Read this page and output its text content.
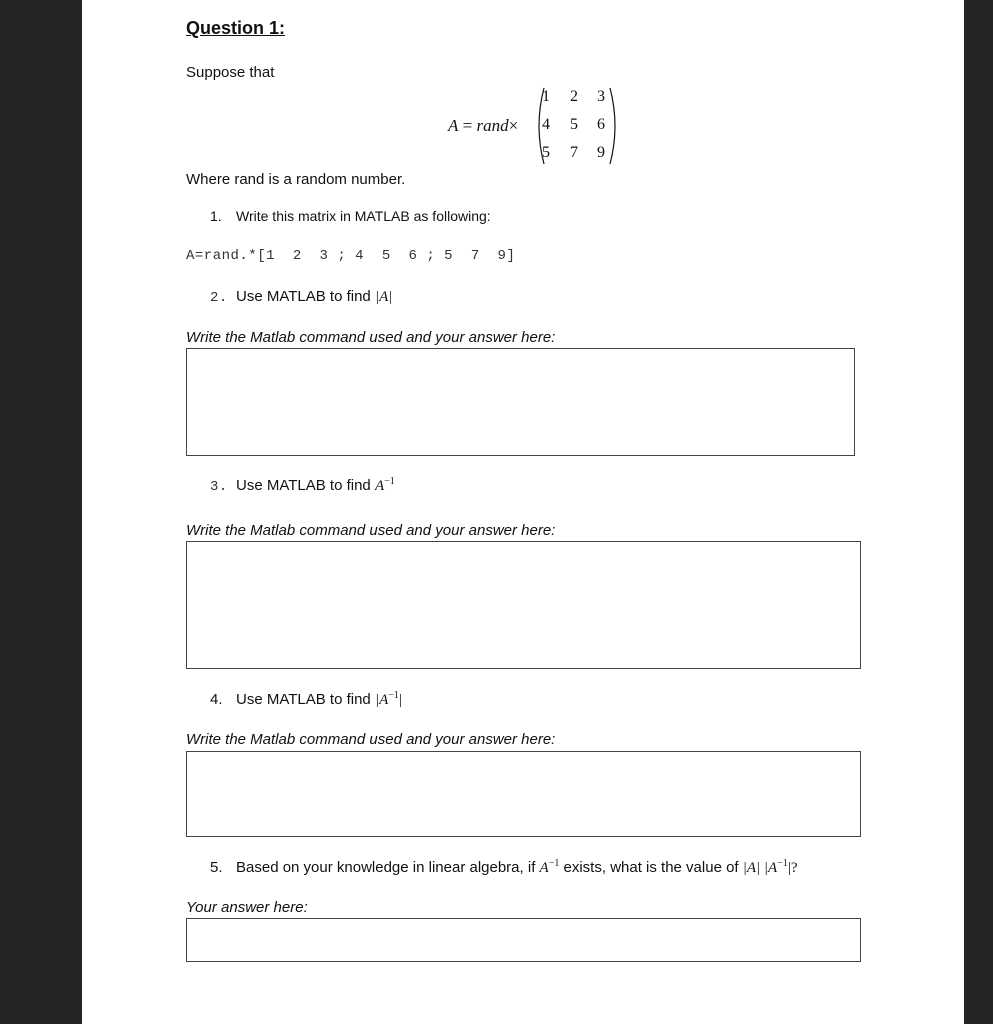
Question 1:
Suppose that
A = rand×
1 2 3
4 5 6
5 7 9
Where rand is a random number.
1. Write this matrix in MATLAB as following:
A=rand.*[1  2  3 ; 4  5  6 ; 5  7  9]
2. Use MATLAB to find |A|
Write the Matlab command used and your answer here:
3. Use MATLAB to find $A^{-1}$
Write the Matlab command used and your answer here:
4. Use MATLAB to find $|A^{-1}|$
Write the Matlab command used and your answer here:
5. Based on your knowledge in linear algebra, if $A^{-1}$ exists, what is the value of |A| $|A^{-1}|$?
Your answer here:
